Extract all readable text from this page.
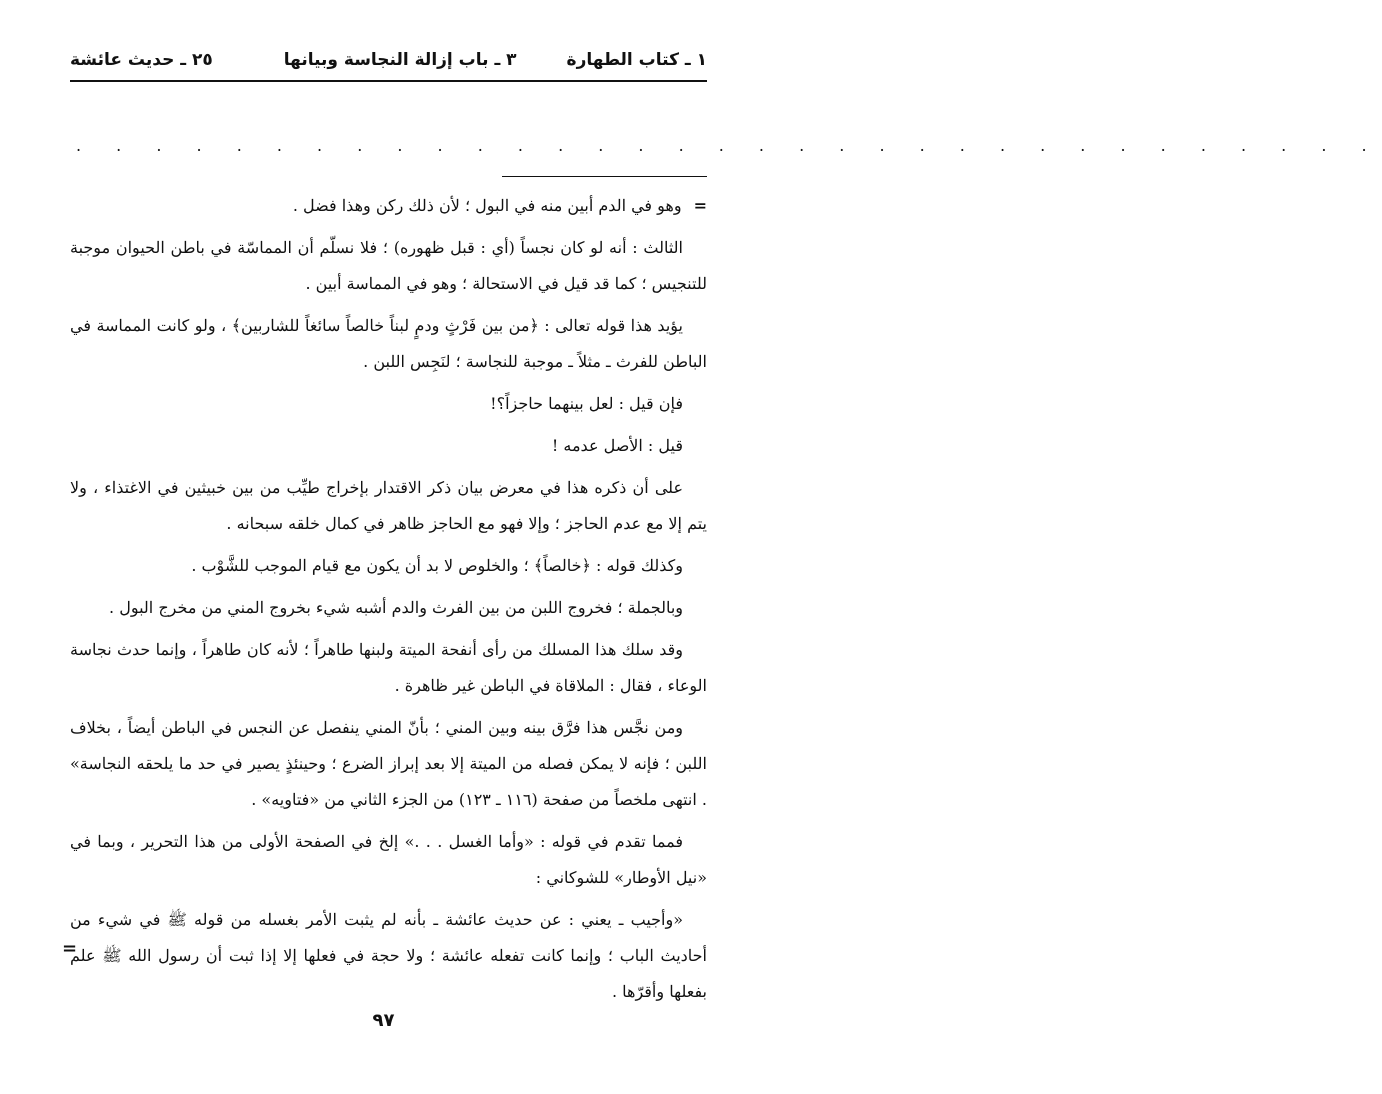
١ ـ كتاب الطهارة
٣ ـ باب إزالة النجاسة وبيانها
٢٥ ـ حديث عائشة
. . . . . . . . . . . . . . . . . . . . . . . . . . . . . . . . .

=وهو في الدم أبين منه في البول ؛ لأن ذلك ركن وهذا فضل .

الثالث : أنه لو كان نجساً (أي : قبل ظهوره) ؛ فلا نسلّم أن المماسّة في باطن الحيوان موجبة للتنجيس ؛ كما قد قيل في الاستحالة ؛ وهو في المماسة أبين .

يؤيد هذا قوله تعالى : ﴿من بين فَرْثٍ ودمٍ لبناً خالصاً سائغاً للشاربين﴾ ، ولو كانت المماسة في الباطن للفرث ـ مثلاً ـ موجبة للنجاسة ؛ لنَجِس اللبن .

فإن قيل : لعل بينهما حاجزاً؟!

قيل : الأصل عدمه !

على أن ذكره هذا في معرض بيان ذكر الاقتدار بإخراج طيِّب من بين خبيثين في الاغتذاء ، ولا يتم إلا مع عدم الحاجز ؛ وإلا فهو مع الحاجز ظاهر في كمال خلقه سبحانه .

وكذلك قوله : ﴿خالصاً﴾ ؛ والخلوص لا بد أن يكون مع قيام الموجب للشَّوْب .

وبالجملة ؛ فخروج اللبن من بين الفرث والدم أشبه شيء بخروج المني من مخرج البول .

وقد سلك هذا المسلك من رأى أنفحة الميتة ولبنها طاهراً ؛ لأنه كان طاهراً ، وإنما حدث نجاسة الوعاء ، فقال : الملاقاة في الباطن غير ظاهرة .

ومن نجَّس هذا فرَّق بينه وبين المني ؛ بأنّ المني ينفصل عن النجس في الباطن أيضاً ، بخلاف اللبن ؛ فإنه لا يمكن فصله من الميتة إلا بعد إبراز الضرع ؛ وحينئذٍ يصير في حد ما يلحقه النجاسة» . انتهى ملخصاً من صفحة (١١٦ ـ ١٢٣) من الجزء الثاني من «فتاويه» .

فمما تقدم في قوله : «وأما الغسل . . .» إلخ في الصفحة الأولى من هذا التحرير ، وبما في «نيل الأوطار» للشوكاني :

«وأجيب ـ يعني : عن حديث عائشة ـ بأنه لم يثبت الأمر بغسله من قوله ﷺ في شيء من أحاديث الباب ؛ وإنما كانت تفعله عائشة ؛ ولا حجة في فعلها إلا إذا ثبت أن رسول الله ﷺ علم بفعلها وأقرّها .

=
٩٧
